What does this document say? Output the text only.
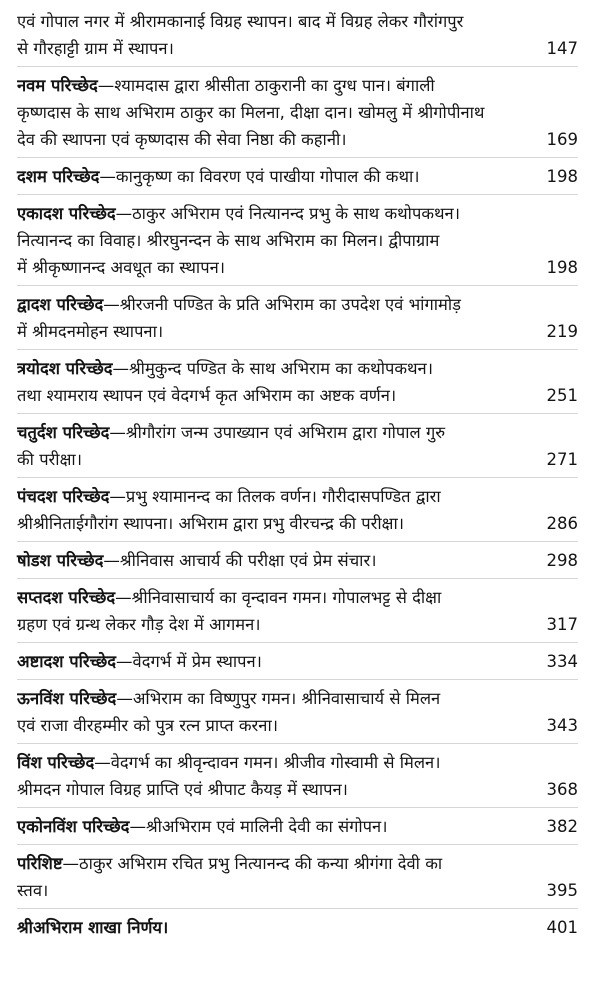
एवं गोपाल नगर में श्रीरामकानाई विग्रह स्थापन। बाद में विग्रह लेकर गौरांगपुर
से गौरहाट्टी ग्राम में स्थापन।	147
नवम परिच्छेद—श्यामदास द्वारा श्रीसीता ठाकुरानी का दुग्ध पान। बंगाली
कृष्णदास के साथ अभिराम ठाकुर का मिलना, दीक्षा दान। खोमलु में श्रीगोपीनाथ
देव की स्थापना एवं कृष्णदास की सेवा निष्ठा की कहानी।	169
दशम परिच्छेद—कानुकृष्ण का विवरण एवं पाखीया गोपाल की कथा।	198
एकादश परिच्छेद—ठाकुर अभिराम एवं नित्यानन्द प्रभु के साथ कथोपकथन।
नित्यानन्द का विवाह। श्रीरघुनन्दन के साथ अभिराम का मिलन। द्वीपाग्राम
में श्रीकृष्णानन्द अवधूत का स्थापन।	198
द्वादश परिच्छेद—श्रीरजनी पण्डित के प्रति अभिराम का उपदेश एवं भांगामोड़
में श्रीमदनमोहन स्थापना।	219
त्रयोदश परिच्छेद—श्रीमुकुन्द पण्डित के साथ अभिराम का कथोपकथन।
तथा श्यामराय स्थापन एवं वेदगर्भ कृत अभिराम का अष्टक वर्णन।	251
चतुर्दश परिच्छेद—श्रीगौरांग जन्म उपाख्यान एवं अभिराम द्वारा गोपाल गुरु
की परीक्षा।	271
पंचदश परिच्छेद—प्रभु श्यामानन्द का तिलक वर्णन। गौरीदासपण्डित द्वारा
श्रीश्रीनिताईगौरांग स्थापना। अभिराम द्वारा प्रभु वीरचन्द्र की परीक्षा।	286
षोडश परिच्छेद—श्रीनिवास आचार्य की परीक्षा एवं प्रेम संचार।	298
सप्तदश परिच्छेद—श्रीनिवासाचार्य का वृन्दावन गमन। गोपालभट्ट से दीक्षा
ग्रहण एवं ग्रन्थ लेकर गौड़ देश में आगमन।	317
अष्टादश परिच्छेद—वेदगर्भ में प्रेम स्थापन।	334
ऊनविंश परिच्छेद—अभिराम का विष्णुपुर गमन। श्रीनिवासाचार्य से मिलन
एवं राजा वीरहम्मीर को पुत्र रत्न प्राप्त करना।	343
विंश परिच्छेद—वेदगर्भ का श्रीवृन्दावन गमन। श्रीजीव गोस्वामी से मिलन।
श्रीमदन गोपाल विग्रह प्राप्ति एवं श्रीपाट कैयड़ में स्थापन।	368
एकोनविंश परिच्छेद—श्रीअभिराम एवं मालिनी देवी का संगोपन।	382
परिशिष्ट—ठाकुर अभिराम रचित प्रभु नित्यानन्द की कन्या श्रीगंगा देवी का
स्तव।	395
श्रीअभिराम शाखा निर्णय।	401
